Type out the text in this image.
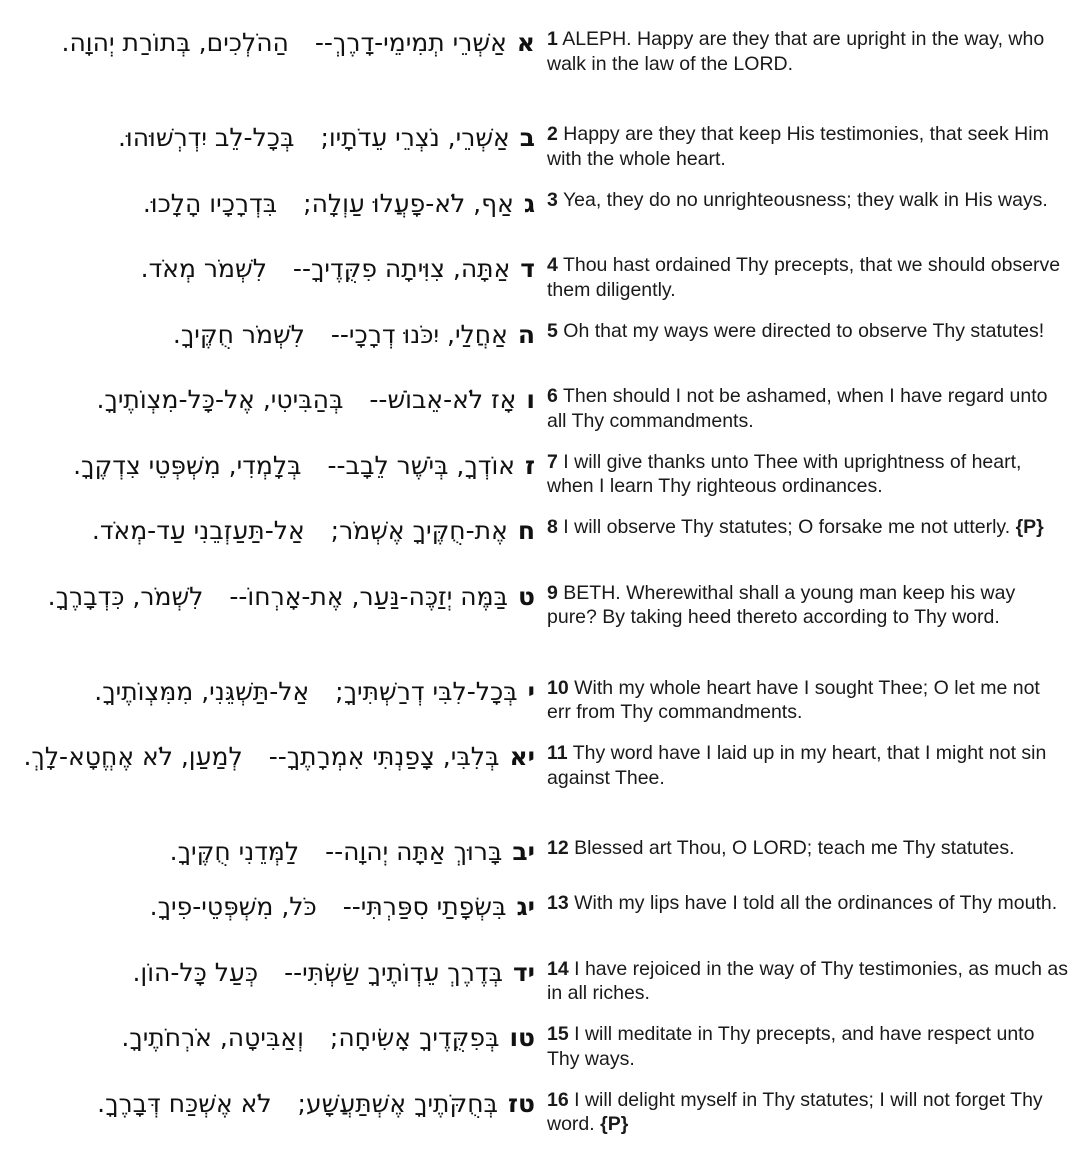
אאַשְׁרֵי תְמִימֵי-דָרֶךְ--הַהֹלְכִים, בְּתוֹרַת יְהוָה.	1 ALEPH. Happy are they that are upright in the way, who walk in the law of the LORD.
באַשְׁרֵי, נֹצְרֵי עֵדֹתָיו;בְּכָל-לֵב יִדְרְשׁוּהוּ.	2 Happy are they that keep His testimonies, that seek Him with the whole heart.
גאַף, לֹא-פָעֲלוּ עַוְלָה;בִּדְרָכָיו הָלָכוּ.	3 Yea, they do no unrighteousness; they walk in His ways.
דאַתָּה, צִוִּיתָה פִקֻּדֶיךָ--לִשְׁמֹר מְאֹד.	4 Thou hast ordained Thy precepts, that we should observe them diligently.
האַחֲלַי, יִכֹּנוּ דְרָכָי--לִשְׁמֹר חֻקֶּיךָ.	5 Oh that my ways were directed to observe Thy statutes!
ואָז לֹא-אֵבוֹשׁ--בְּהַבִּיטִי, אֶל-כָּל-מִצְוֹתֶיךָ.	6 Then should I not be ashamed, when I have regard unto all Thy commandments.
זאוֹדְךָ, בְּיֹשֶׁר לֵבָב--בְּלָמְדִי, מִשְׁפְּטֵי צִדְקֶךָ.	7 I will give thanks unto Thee with uprightness of heart, when I learn Thy righteous ordinances.
חאֶת-חֻקֶּיךָ אֶשְׁמֹר;אַל-תַּעַזְבֵנִי עַד-מְאֹד.	8 I will observe Thy statutes; O forsake me not utterly. {P}
טבַּמֶּה יְזַכֶּה-נַּעַר, אֶת-אָרְחוֹ--לִשְׁמֹר, כִּדְבָרֶךָ.	9 BETH. Wherewithal shall a young man keep his way pure? By taking heed thereto according to Thy word.
יבְּכָל-לִבִּי דְרַשְׁתִּיךָ;אַל-תַּשְׁגֵּנִי, מִמִּצְוֺתֶיךָ.	10 With my whole heart have I sought Thee; O let me not err from Thy commandments.
יאבְּלִבִּי, צָפַנְתִּי אִמְרָתֶךָ--לְמַעַן, לֹא אֶחֱטָא-לָךְ.	11 Thy word have I laid up in my heart, that I might not sin against Thee.
יבבָּרוּךְ אַתָּה יְהוָה--לַמְּדֵנִי חֻקֶּיךָ.	12 Blessed art Thou, O LORD; teach me Thy statutes.
יגבִּשְׂפָתַי סִפַּרְתִּי--כֹּל, מִשְׁפְּטֵי-פִיךָ.	13 With my lips have I told all the ordinances of Thy mouth.
ידבְּדֶרֶךְ עֵדְוֺתֶיךָ שַׂשְׂתִּי--כְּעַל כָּל-הוֹן.	14 I have rejoiced in the way of Thy testimonies, as much as in all riches.
טובְּפִקֻּדֶיךָ אָשִׂיחָה;וְאַבִּיטָה, אֹרְחֹתֶיךָ.	15 I will meditate in Thy precepts, and have respect unto Thy ways.
טזבְּחֻקֹּתֶיךָ אֶשְׁתַּעֲשָׁע;לֹא אֶשְׁכַּח דְּבָרֶךָ.	16 I will delight myself in Thy statutes; I will not forget Thy word. {P}
